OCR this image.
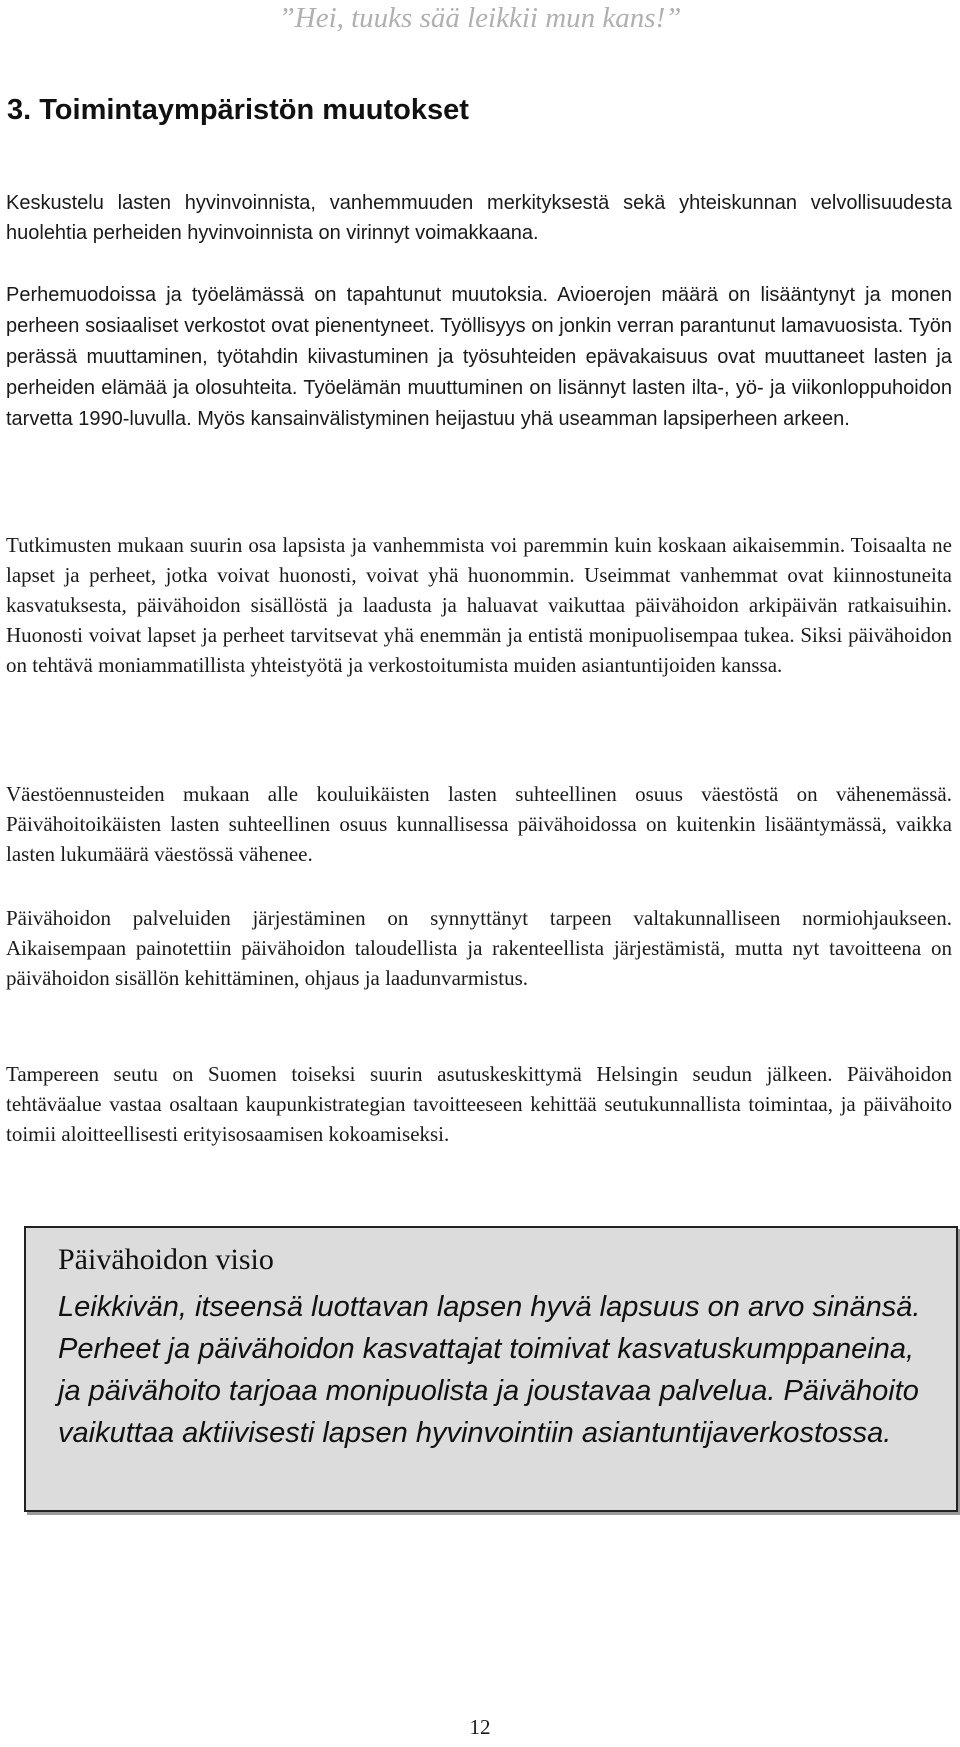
”Hei, tuuks sää leikkii mun kans!”
3. Toimintaympäristön muutokset

Keskustelu lasten hyvinvoinnista, vanhemmuuden merkityksestä sekä yhteiskunnan velvollisuudesta huolehtia perheiden hyvinvoinnista on virinnyt voimakkaana.

Perhemuodoissa ja työelämässä on tapahtunut muutoksia. Avioerojen määrä on lisääntynyt ja monen perheen sosiaaliset verkostot ovat pienentyneet. Työllisyys on jonkin verran parantunut lamavuosista. Työn perässä muuttaminen, työtahdin kiivastuminen ja työsuhteiden epävakaisuus ovat muuttaneet lasten ja perheiden elämää ja olosuhteita. Työelämän muuttuminen on lisännyt lasten ilta-, yö- ja viikonloppuhoidon tarvetta 1990-luvulla. Myös kansainvälistyminen heijastuu yhä useamman lapsiperheen arkeen.

Tutkimusten mukaan suurin osa lapsista ja vanhemmista voi paremmin kuin koskaan aikaisemmin. Toisaalta ne lapset ja perheet, jotka voivat huonosti, voivat yhä huonommin. Useimmat vanhemmat ovat kiinnostuneita kasvatuksesta, päivähoidon sisällöstä ja laadusta ja haluavat vaikuttaa päivähoidon arkipäivän ratkaisuihin. Huonosti voivat lapset ja perheet tarvitsevat yhä enemmän ja entistä monipuolisempaa tukea. Siksi päivähoidon on tehtävä moniammatillista yhteistyötä ja verkostoitumista muiden asiantuntijoiden kanssa.

Väestöennusteiden mukaan alle kouluikäisten lasten suhteellinen osuus väestöstä on vähenemässä. Päivähoitoikäisten lasten suhteellinen osuus kunnallisessa päivähoidossa on kuitenkin lisääntymässä, vaikka lasten lukumäärä väestössä vähenee.

Päivähoidon palveluiden järjestäminen on synnyttänyt tarpeen valtakunnalliseen normiohjaukseen. Aikaisempaan painotettiin päivähoidon taloudellista ja rakenteellista järjestämistä, mutta nyt tavoitteena on päivähoidon sisällön kehittäminen, ohjaus ja laadunvarmistus.

Tampereen seutu on Suomen toiseksi suurin asutuskeskittymä Helsingin seudun jälkeen. Päivähoidon tehtäväalue vastaa osaltaan kaupunkistrategian tavoitteeseen kehittää seutukunnallista toimintaa, ja päivähoito toimii aloitteellisesti erityisosaamisen kokoamiseksi.

Päivähoidon visio

Leikkivän, itseensä luottavan lapsen hyvä lapsuus on arvo sinänsä. Perheet ja päivähoidon kasvattajat toimivat kasvatuskumppaneina, ja päivähoito tarjoaa monipuolista ja joustavaa palvelua. Päivähoito vaikuttaa aktiivisesti lapsen hyvinvointiin asiantuntijaverkostossa.

12
